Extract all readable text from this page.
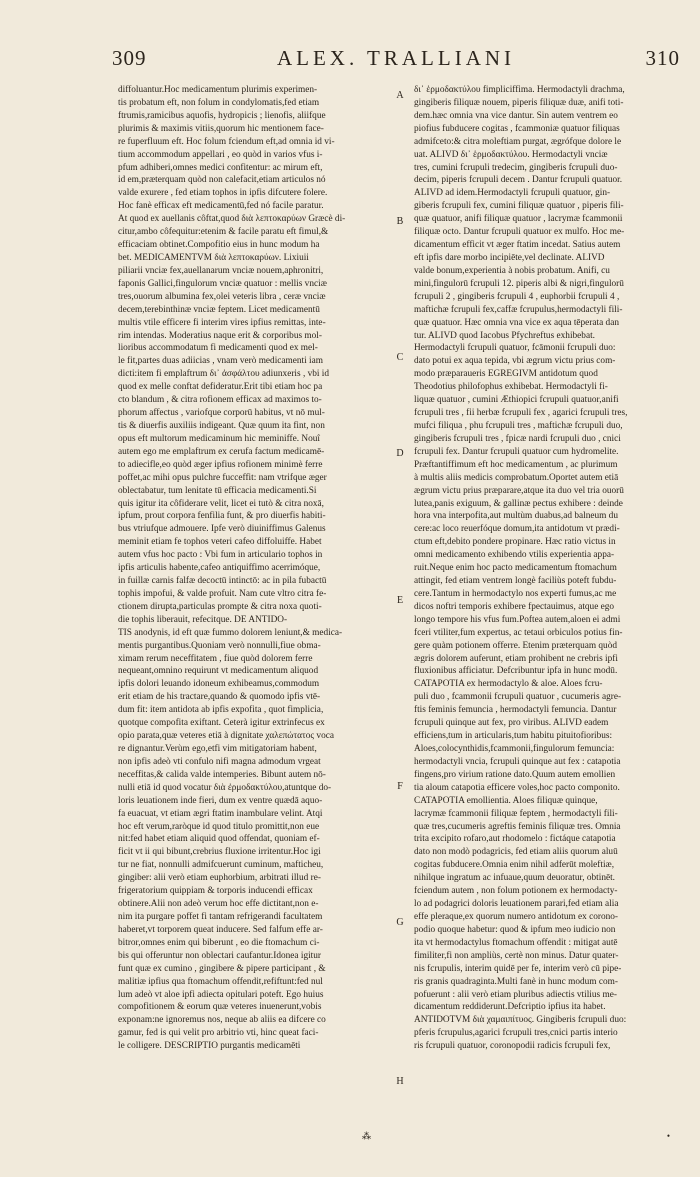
309	ALEX. TRALLIANI	310
diffoluantur.Hoc medicamentum plurimis experimen-
tis probatum eft, non folum in condylomatis,fed etiam
ftrumis,ramicibus aquofis, hydropicis ; lienofis, aliifque
plurimis & maximis vitiis,quorum hic mentionem face-
re fuperfluum eft. Hoc folum fciendum eft,ad omnia id vi-
tium accommodum appellari , eo quòd in varios vfus i-
pfum adhiberi,omnes medici confitentur: ac mirum eft,
id em,præterquam quòd non calefacit,etiam articulos nó
valde exurere , fed etiam tophos in ipfis difcutere folere.
Hoc fanè efficax eft medicamentū,fed nó facile paratur.
At quod ex auellanis côftat,quod διὰ λεπτοκαρύων Græcè di-
citur,ambo côfequitur:etenim & facile paratu eft fimul,&
efficaciam obtinet.Compofitio eius in hunc modum ha
bet. MEDICAMENTVM διὰ λεπτοκαρύων. Lixiuii
piliarii vnciæ fex,auellanarum vnciæ nouem,aphronitri,
faponis Gallici,fingulorum vnciæ quatuor : mellis vnciæ
tres,ouorum albumina fex,olei veteris libra , ceræ vnciæ
decem,terebinthinæ vnciæ feptem. Licet medicamentū
multis vtile efficere fi interim vires ipfius remittas, inte-
rim intendas. Moderatius naque erit & corporibus mol-
lioribus accommodatum fi medicamenti quod ex mel-
le fit,partes duas adiicias , vnam verò medicamenti iam
dicti:item fi emplaftrum δι᾽ ἀσφάλτου adiunxeris , vbi id
quod ex melle conftat defideratur.Erit tibi etiam hoc pa
cto blandum , & citra rofionem efficax ad maximos to-
phorum affectus , variofque corporū habitus, vt nō mul-
tis & diuerfis auxiliis indigeant. Quæ quum ita fint, non
opus eft multorum medicaminum hic meminiffe. Nouî
autem ego me emplaftrum ex cerufa factum medicamē-
to adiecifle,eo quòd æger ipfius rofionem minimè ferre
poffet,ac mihi opus pulchre fucceffit: nam vtrifque æger
oblectabatur, tum lenitate tū efficacia medicamenti.Si
quis igitur ita côfiderare velit, licet ei tutò & citra noxā,
ipfum, prout corpora fenfilia funt, & pro diuerfis habiti-
bus vtriufque admouere. Ipfe verò diuiniffimus Galenus
meminit etiam fe tophos veteri cafeo diffoluiffe. Habet
autem vfus hoc pacto : Vbi fum in articulario tophos in
ipfis articulis habente,cafeo antiquiffimo acerrimóque,
in fuillæ carnis falfæ decoctū intinctō: ac in pila fubactū
tophis impofui, & valde profuit. Nam cute vltro citra fe-
ctionem dirupta,particulas prompte & citra noxa quoti-
die tophis liberauit, refecitque. DE ANTIDO-
TIS anodynis, id eft quæ fummo dolorem leniunt,& medica-
mentis purgantibus.Quoniam verò nonnulli,fiue obma-
ximam rerum neceffitatem , fiue quòd dolorem ferre
nequeant,omnino requirunt vt medicamentum aliquod
ipfis dolori leuando idoneum exhibeamus,commodum
erit etiam de his tractare,quando & quomodo ipfis vtē-
dum fit: item antidota ab ipfis expofita , quot fimplicia,
quotque compofita exiftant. Ceterà igitur extrinfecus ex
opio parata,quæ veteres etiā à dignitate χαλεπώτατος voca
re dignantur.Verùm ego,etfi vim mitigatoriam habent,
non ipfis adeò vti confulo nifi magna admodum vrgeat
neceffitas,& calida valde intemperies. Bibunt autem nō-
nulli etiā id quod vocatur διὰ ἐρμοδακτύλου,atuntque do-
loris leuationem inde fieri, dum ex ventre quædā aquo-
fa euacuat, vt etiam ægri ftatim inambulare velint. Atqi
hoc eft verum,raròque id quod titulo promittit,non eue
nit:fed habet etiam aliquid quod offendat, quoniam ef-
ficit vt ii qui bibunt,crebrius fluxione irritentur.Hoc igi
tur ne fiat, nonnulli admifcuerunt cuminum, mafticheu,
gingiber: alii verò etiam euphorbium, arbitrati illud re-
frigeratorium quippiam & torporis inducendi efficax
obtinere.Alii non adeò verum hoc effe dictitant,non e-
nim ita purgare poffet fi tantam refrigerandi facultatem
haberet,vt torporem queat inducere. Sed falfum effe ar-
bitror,omnes enim qui biberunt , eo die ftomachum ci-
bis qui offeruntur non oblectari caufantur.Idonea igitur
funt quæ ex cumino , gingibere & pipere participant , &
malitiæ ipfius qua ftomachum offendit,refiftunt:fed nul
lum adeò vt aloe ipfi adiecta opitulari poteft. Ego huius
compofitionem & eorum quæ veteres inuenerunt,vobis
exponam:ne ignoremus nos, neque ab aliis ea difcere co
gamur, fed is qui velit pro arbitrio vti, hinc queat faci-
le colligere. DESCRIPTIO purgantis medicamēti
δι᾽ ἑρμοδακτύλου fimpliciffima. Hermodactyli drachma,
gingiberis filiquæ nouem, piperis filiquæ duæ, anifi toti-
dem.hæc omnia vna vice dantur. Sin autem ventrem eo
piofius fubducere cogitas , fcammoniæ quatuor filiquas
admifceto:& citra moleftiam purgat, ægrófque dolore le
uat. ALIVD δι᾽ ἑρμοδακτύλου. Hermodactyli vnciæ
tres, cumini fcrupuli tredecim, gingiberis fcrupuli duo-
decim, piperis fcrupuli decem . Dantur fcrupuli quatuor.
ALIVD ad idem.Hermodactyli fcrupuli quatuor, gin-
giberis fcrupuli fex, cumini filiquæ quatuor , piperis fili-
quæ quatuor, anifi filiquæ quatuor , lacrymæ fcammonii
filiquæ octo. Dantur fcrupuli quatuor ex mulfo. Hoc me-
dicamentum efficit vt æger ftatim incedat. Satius autem
eft ipfis dare morbo incipiēte,vel declinate. ALIVD
valde bonum,experientia à nobis probatum. Anifi, cu
mini,fingulorū fcrupuli 12. piperis albi & nigri,fingulorū
fcrupuli 2 , gingiberis fcrupuli 4 , euphorbii fcrupuli 4 ,
maftichæ fcrupuli fex,caffæ fcrupulus,hermodactyli fili-
quæ quatuor. Hæc omnia vna vice ex aqua tēperata dan
tur. ALIVD quod Iacobus Pfychreftus exhibebat.
Hermodactyli fcrupuli quatuor, fcāmonii fcrupuli duo:
dato potui ex aqua tepida, vbi ægrum victu prius com-
modo præparaueris EGREGIVM antidotum quod
Theodotius philofophus exhibebat. Hermodactyli fi-
liquæ quatuor , cumini Æthiopici fcrupuli quatuor,anifi
fcrupuli tres , fii herbæ fcrupuli fex , agarici fcrupuli tres,
mufci filiqua , phu fcrupuli tres , maftichæ fcrupuli duo,
gingiberis fcrupuli tres , fpicæ nardi fcrupuli duo , cnici
fcrupuli fex. Dantur fcrupuli quatuor cum hydromelite.
Præftantiffimum eft hoc medicamentum , ac plurimum
à multis aliis medicis comprobatum.Oportet autem etiā
ægrum victu prius præparare,atque ita duo vel tria ouorū
lutea,panis exiguum, & gallinæ pectus exhibere : deinde
hora vna interpofita,aut multùm duabus,ad balneum du
cere:ac loco reuerfóque domum,ita antidotum vt prædi-
ctum eft,debito pondere propinare. Hæc ratio victus in
omni medicamento exhibendo vtilis experientia appa-
ruit.Neque enim hoc pacto medicamentum ftomachum
attingit, fed etiam ventrem longè faciliùs poteft fubdu-
cere.Tantum in hermodactylo nos experti fumus,ac me
dicos noftri temporis exhibere fpectauimus, atque ego
longo tempore his vfus fum.Poftea autem,aloen ei admi
fceri vtiliter,fum expertus, ac tetaui orbiculos potius fin-
gere quàm potionem offerre. Etenim præterquam quòd
ægris dolorem auferunt, etiam prohibent ne crebris ipfi
fluxionibus afficiatur. Defcribuntur ipfa in hunc modū.
CATAPOTIA ex hermodactylo & aloe. Aloes fcru-
puli duo , fcammonii fcrupuli quatuor , cucumeris agre-
ftis feminis femuncia , hermodactyli femuncia. Dantur
fcrupuli quinque aut fex, pro viribus. ALIVD eadem
efficiens,tum in articularis,tum habitu pituitofioribus:
Aloes,colocynthidis,fcammonii,fingulorum femuncia:
hermodactyli vncia, fcrupuli quinque aut fex : catapotia
fingens,pro virium ratione dato.Quum autem emollien
tia aloum catapotia efficere voles,hoc pacto componito.
CATAPOTIA emollientia. Aloes filiquæ quinque,
lacrymæ fcammonii filiquæ feptem , hermodactyli fili-
quæ tres,cucumeris agreftis feminis filiquæ tres. Omnia
trita excipito rofaro,aut rhodomelo : fictáque catapotia
dato non modò podagricis, fed etiam aliis quorum aluū
cogitas fubducere.Omnia enim nihil adferūt moleftiæ,
nihilque ingratum ac infuaue,quum deuoratur, obtinēt.
fciendum autem , non folum potionem ex hermodacty-
lo ad podagrici doloris leuationem parari,fed etiam alia
effe pleraque,ex quorum numero antidotum ex corono-
podio quoque habetur: quod & ipfum meo iudicio non
ita vt hermodactylus ftomachum offendit : mitigat autē
fimiliter,fi non ampliùs, certè non minus. Datur quater-
nis fcrupulis, interim quidē per fe, interim verò cū pipe-
ris granis quadraginta.Multi fanè in hunc modum com-
pofuerunt : alii verò etiam pluribus adiectis vtilius me-
dicamentum reddiderunt.Defcriptio ipfius ita habet.
ANTIDOTVM διὰ χαμαιπίτυος. Gingiberis fcrupuli duo:
pferis fcrupulus,agarici fcrupuli tres,cnici partis interio
ris fcrupuli quatuor, coronopodii radicis fcrupuli fex,
A
B
C
D
E
F
G
H
⁂	•
